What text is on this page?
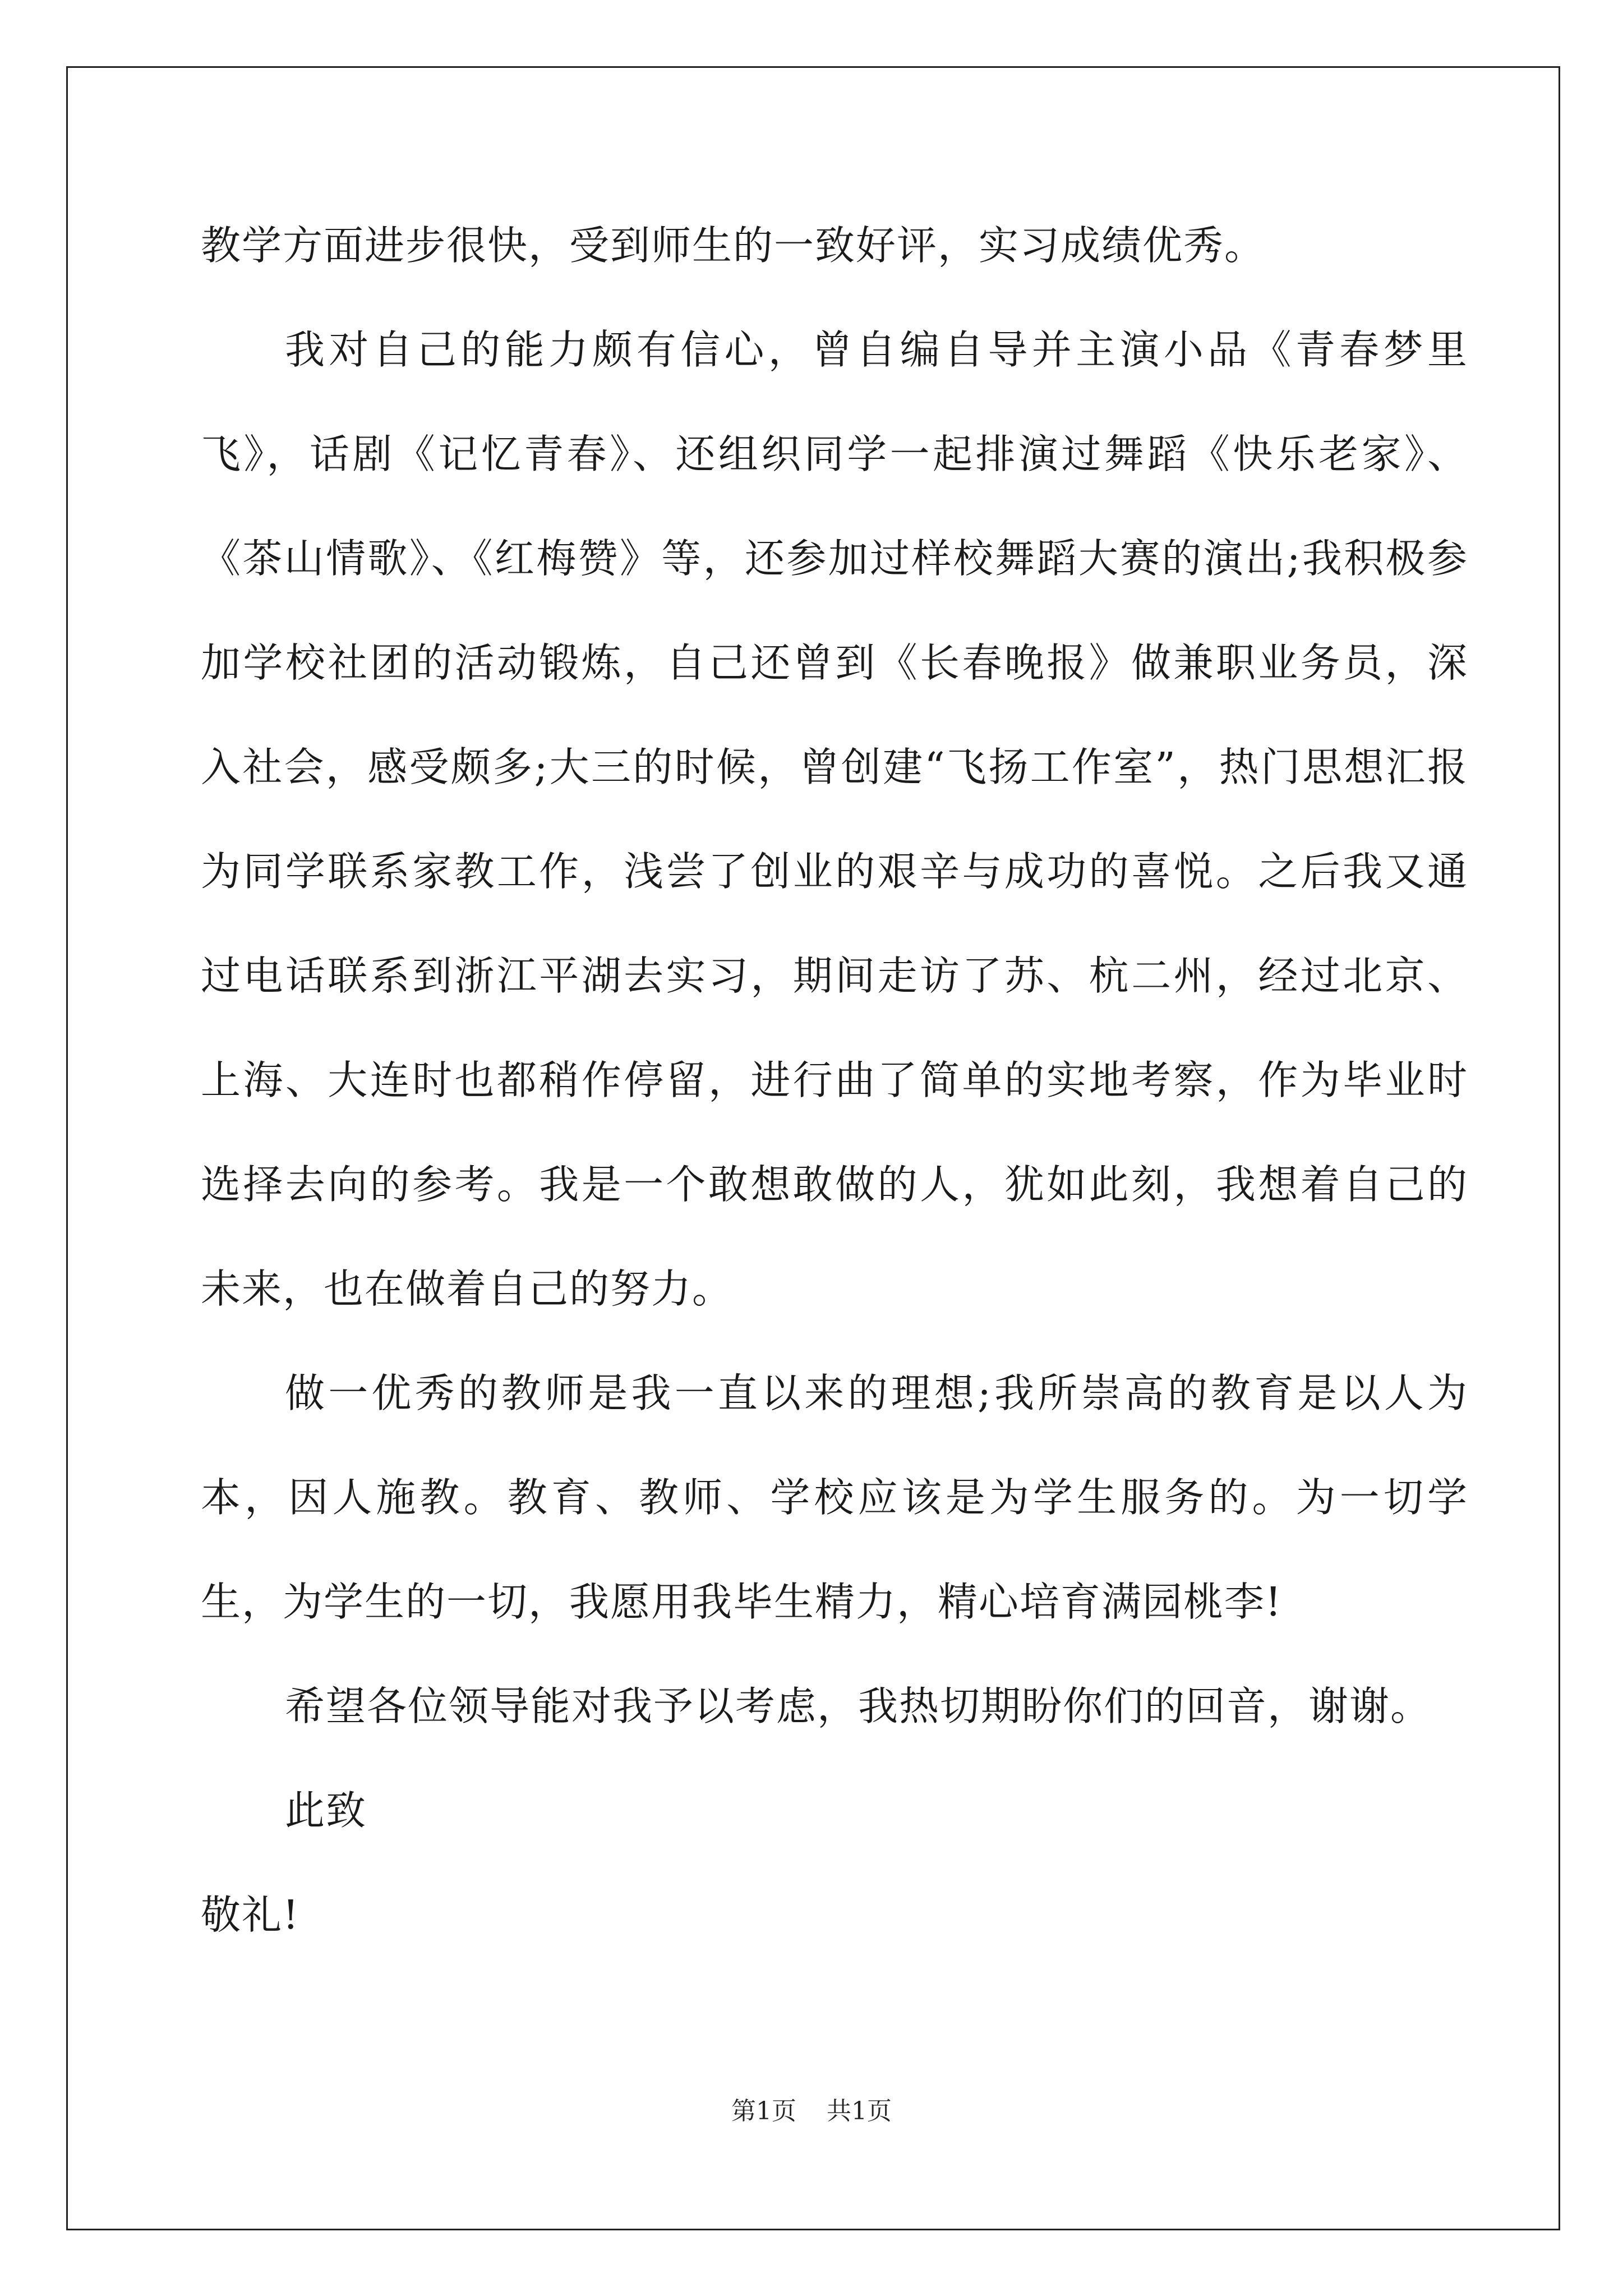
教学方面进步很快，受到师生的一致好评，实习成绩优秀。

我对自己的能力颇有信心，曾自编自导并主演小品《青春梦里飞》，话剧《记忆青春》、还组织同学一起排演过舞蹈《快乐老家》、《茶山情歌》、《红梅赞》等，还参加过样校舞蹈大赛的演出;我积极参加学校社团的活动锻炼，自己还曾到《长春晚报》做兼职业务员，深入社会，感受颇多;大三的时候，曾创建“飞扬工作室”，热门思想汇报为同学联系家教工作，浅尝了创业的艰辛与成功的喜悦。之后我又通过电话联系到浙江平湖去实习，期间走访了苏、杭二州，经过北京、上海、大连时也都稍作停留，进行曲了简单的实地考察，作为毕业时选择去向的参考。我是一个敢想敢做的人，犹如此刻，我想着自己的未来，也在做着自己的努力。

做一优秀的教师是我一直以来的理想;我所崇高的教育是以人为本，因人施教。教育、教师、学校应该是为学生服务的。为一切学生，为学生的一切，我愿用我毕生精力，精心培育满园桃李!

希望各位领导能对我予以考虑，我热切期盼你们的回音，谢谢。

此致

敬礼!

第1页 共1页
